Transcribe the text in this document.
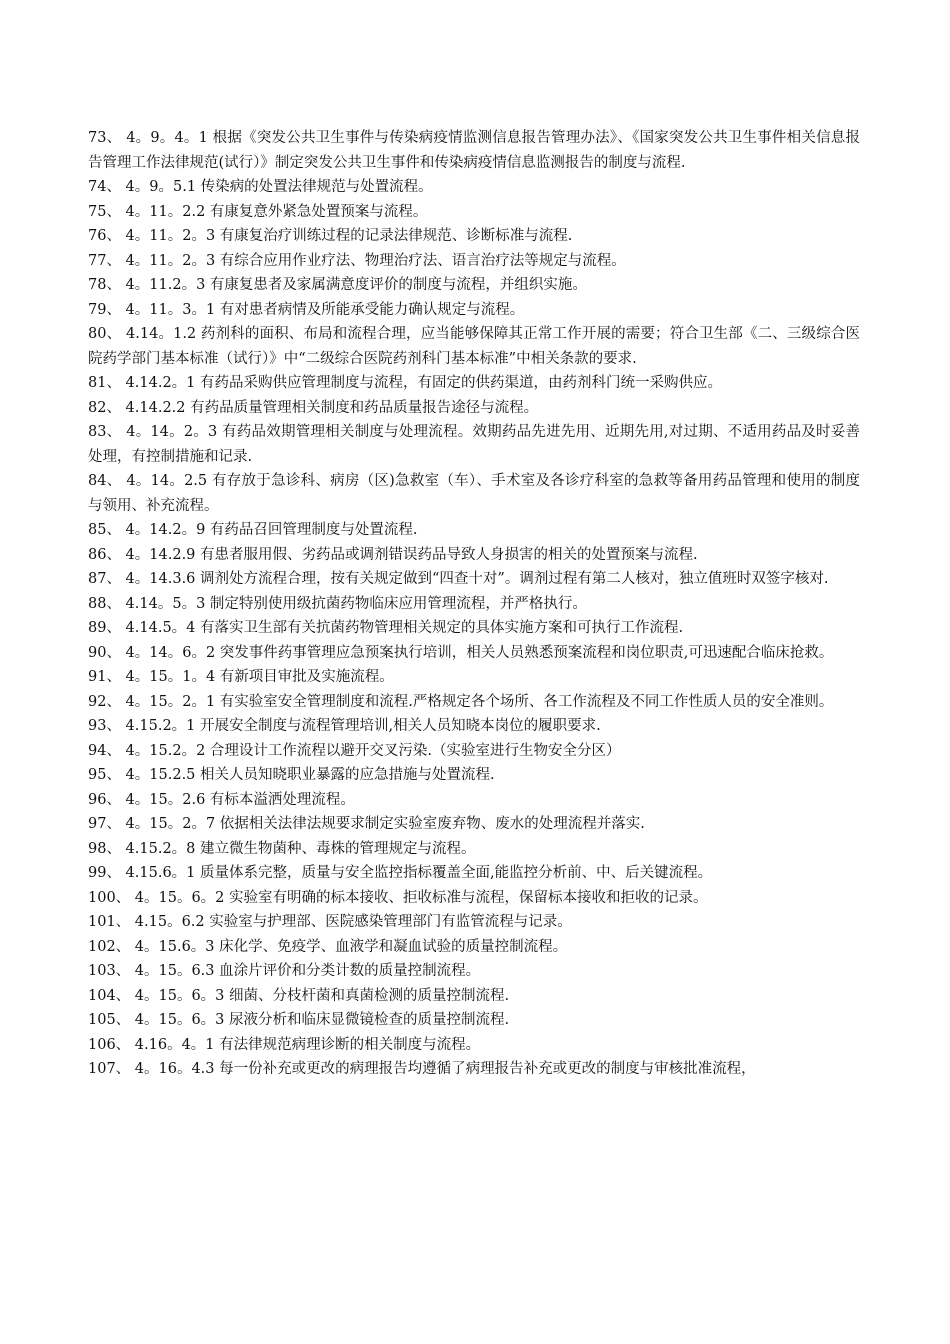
73、 4。9。4。1 根据《突发公共卫生事件与传染病疫情监测信息报告管理办法》、《国家突发公共卫生事件相关信息报告管理工作法律规范(试行）》制定突发公共卫生事件和传染病疫情信息监测报告的制度与流程.

74、 4。9。5.1 传染病的处置法律规范与处置流程。

75、 4。11。2.2 有康复意外紧急处置预案与流程。

76、 4。11。2。3 有康复治疗训练过程的记录法律规范、诊断标准与流程.

77、 4。11。2。3 有综合应用作业疗法、物理治疗法、语言治疗法等规定与流程。

78、 4。11.2。3 有康复患者及家属满意度评价的制度与流程，并组织实施。

79、 4。11。3。1 有对患者病情及所能承受能力确认规定与流程。

80、 4.14。1.2 药剂科的面积、布局和流程合理，应当能够保障其正常工作开展的需要；符合卫生部《二、三级综合医院药学部门基本标准（试行）》中“二级综合医院药剂科门基本标准”中相关条款的要求.

81、 4.14.2。1 有药品采购供应管理制度与流程，有固定的供药渠道，由药剂科门统一采购供应。

82、 4.14.2.2 有药品质量管理相关制度和药品质量报告途径与流程。

83、 4。14。2。3 有药品效期管理相关制度与处理流程。效期药品先进先用、近期先用,对过期、不适用药品及时妥善处理，有控制措施和记录.

84、 4。14。2.5 有存放于急诊科、病房（区)急救室（车）、手术室及各诊疗科室的急救等备用药品管理和使用的制度与领用、补充流程。

85、 4。14.2。9 有药品召回管理制度与处置流程.

86、 4。14.2.9 有患者服用假、劣药品或调剂错误药品导致人身损害的相关的处置预案与流程.

87、 4。14.3.6 调剂处方流程合理，按有关规定做到“四查十对”。调剂过程有第二人核对，独立值班时双签字核对.

88、 4.14。5。3 制定特别使用级抗菌药物临床应用管理流程，并严格执行。

89、 4.14.5。4 有落实卫生部有关抗菌药物管理相关规定的具体实施方案和可执行工作流程.

90、 4。14。6。2 突发事件药事管理应急预案执行培训，相关人员熟悉预案流程和岗位职责,可迅速配合临床抢救。

91、 4。15。1。4 有新项目审批及实施流程。

92、 4。15。2。1 有实验室安全管理制度和流程.严格规定各个场所、各工作流程及不同工作性质人员的安全准则。

93、 4.15.2。1 开展安全制度与流程管理培训,相关人员知晓本岗位的履职要求.

94、 4。15.2。2 合理设计工作流程以避开交叉污染.（实验室进行生物安全分区）

95、 4。15.2.5 相关人员知晓职业暴露的应急措施与处置流程.

96、 4。15。2.6 有标本溢洒处理流程。

97、 4。15。2。7 依据相关法律法规要求制定实验室废弃物、废水的处理流程并落实.

98、 4.15.2。8 建立微生物菌种、毒株的管理规定与流程。

99、 4.15.6。1 质量体系完整，质量与安全监控指标覆盖全面,能监控分析前、中、后关键流程。

100、 4。15。6。2 实验室有明确的标本接收、拒收标准与流程，保留标本接收和拒收的记录。

101、 4.15。6.2 实验室与护理部、医院感染管理部门有监管流程与记录。

102、 4。15.6。3 床化学、免疫学、血液学和凝血试验的质量控制流程。

103、 4。15。6.3 血涂片评价和分类计数的质量控制流程。

104、 4。15。6。3 细菌、分枝杆菌和真菌检测的质量控制流程.

105、 4。15。6。3 尿液分析和临床显微镜检查的质量控制流程.

106、 4.16。4。1 有法律规范病理诊断的相关制度与流程。

107、 4。16。4.3 每一份补充或更改的病理报告均遵循了病理报告补充或更改的制度与审核批准流程，
